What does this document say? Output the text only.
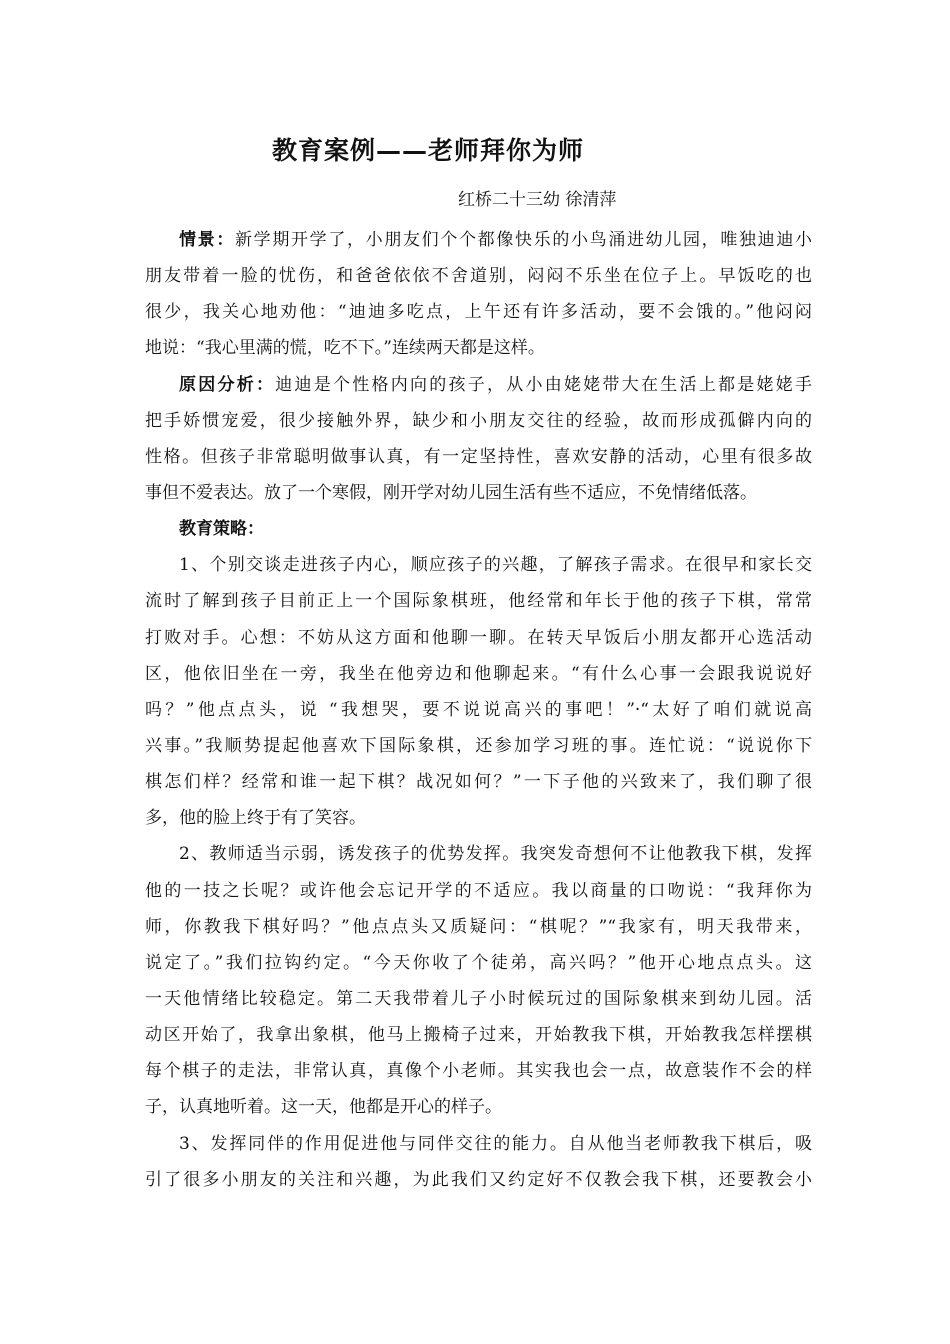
教育案例——老师拜你为师
红桥二十三幼 徐清萍
情景：新学期开学了，小朋友们个个都像快乐的小鸟涌进幼儿园，唯独迪迪小
朋友带着一脸的忧伤，和爸爸依依不舍道别，闷闷不乐坐在位子上。早饭吃的也
很少，我关心地劝他：“迪迪多吃点，上午还有许多活动，要不会饿的。”他闷闷
地说：“我心里满的慌，吃不下。”连续两天都是这样。
原因分析：迪迪是个性格内向的孩子，从小由姥姥带大在生活上都是姥姥手
把手娇惯宠爱，很少接触外界，缺少和小朋友交往的经验，故而形成孤僻内向的
性格。但孩子非常聪明做事认真，有一定坚持性，喜欢安静的活动，心里有很多故
事但不爱表达。放了一个寒假，刚开学对幼儿园生活有些不适应，不免情绪低落。
教育策略：
1、个别交谈走进孩子内心，顺应孩子的兴趣，了解孩子需求。在很早和家长交
流时了解到孩子目前正上一个国际象棋班，他经常和年长于他的孩子下棋，常常
打败对手。心想：不妨从这方面和他聊一聊。在转天早饭后小朋友都开心选活动
区，他依旧坐在一旁，我坐在他旁边和他聊起来。“有什么心事一会跟我说说好
吗？”他点点头，说 “我想哭，要不说说高兴的事吧！”·“太好了咱们就说高
兴事。”我顺势提起他喜欢下国际象棋，还参加学习班的事。连忙说：“说说你下
棋怎们样？经常和谁一起下棋？战况如何？”一下子他的兴致来了，我们聊了很
多，他的脸上终于有了笑容。
2、教师适当示弱，诱发孩子的优势发挥。我突发奇想何不让他教我下棋，发挥
他的一技之长呢？或许他会忘记开学的不适应。我以商量的口吻说：“我拜你为
师，你教我下棋好吗？”他点点头又质疑问：“棋呢？”“我家有，明天我带来，
说定了。”我们拉钩约定。“今天你收了个徒弟，高兴吗？”他开心地点点头。这
一天他情绪比较稳定。第二天我带着儿子小时候玩过的国际象棋来到幼儿园。活
动区开始了，我拿出象棋，他马上搬椅子过来，开始教我下棋，开始教我怎样摆棋
每个棋子的走法，非常认真，真像个小老师。其实我也会一点，故意装作不会的样
子，认真地听着。这一天，他都是开心的样子。
3、发挥同伴的作用促进他与同伴交往的能力。自从他当老师教我下棋后，吸
引了很多小朋友的关注和兴趣，为此我们又约定好不仅教会我下棋，还要教会小
